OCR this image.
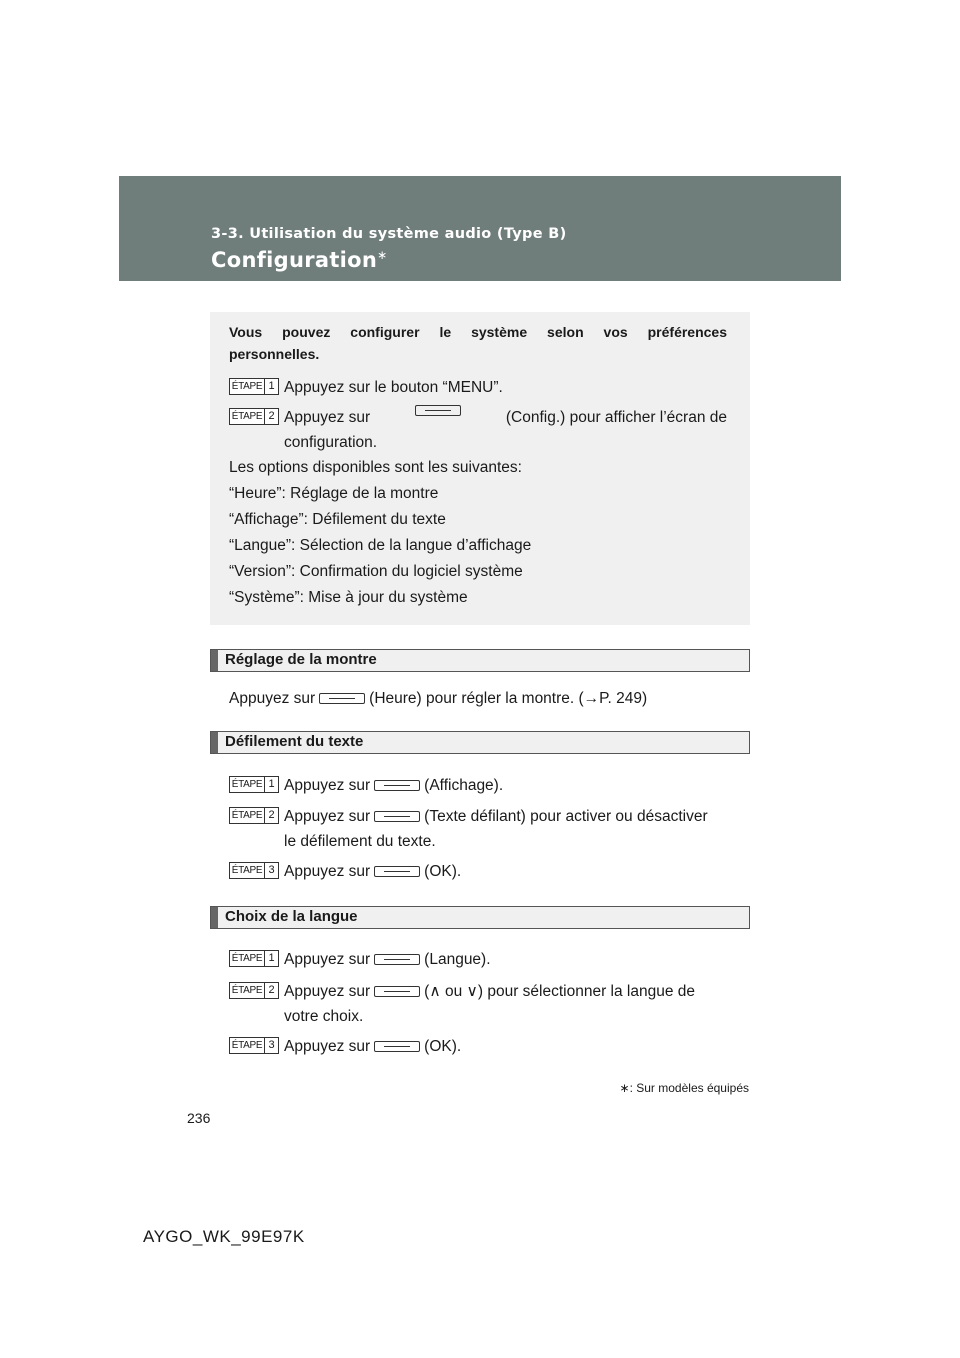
3-3. Utilisation du système audio (Type B)
Configuration∗
Vous pouvez configurer le système selon vos préférences
personnelles.
ÉTAPE 1 Appuyez sur le bouton “MENU”.
ÉTAPE 2 Appuyez sur	(Config.) pour afficher l’écran de
configuration.
Les options disponibles sont les suivantes:
“Heure”: Réglage de la montre
“Affichage”: Défilement du texte
“Langue”: Sélection de la langue d’affichage
“Version”: Confirmation du logiciel système
“Système”: Mise à jour du système
Réglage de la montre
Appuyez sur	(Heure) pour régler la montre. (→P. 249)
Défilement du texte
ÉTAPE 1 Appuyez sur	(Affichage).
ÉTAPE 2 Appuyez sur	(Texte défilant) pour activer ou désactiver
le défilement du texte.
ÉTAPE 3 Appuyez sur	(OK).
Choix de la langue
ÉTAPE 1 Appuyez sur	(Langue).
ÉTAPE 2 Appuyez sur	(∧ ou ∨) pour sélectionner la langue de
votre choix.
ÉTAPE 3 Appuyez sur	(OK).
∗: Sur modèles équipés
236
AYGO_WK_99E97K
